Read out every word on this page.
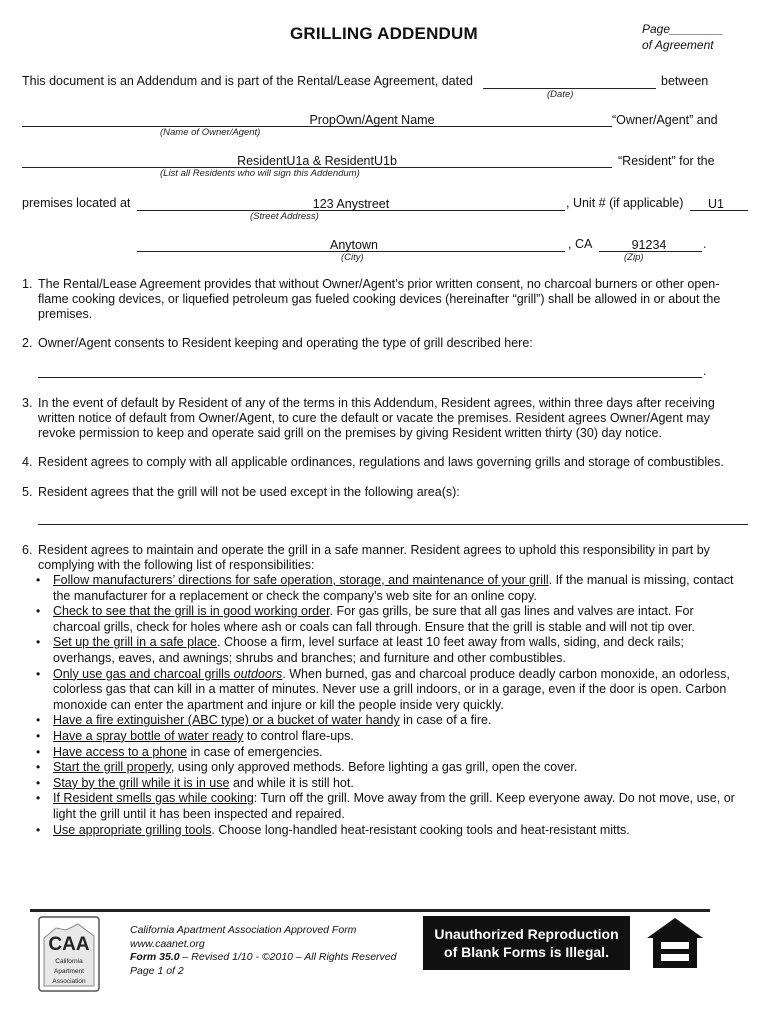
GRILLING ADDENDUM	Page________
of Agreement
This document is an Addendum and is part of the Rental/Lease Agreement, dated	between
(Date)
PropOwn/Agent Name	“Owner/Agent” and
(Name of Owner/Agent)
ResidentU1a & ResidentU1b	“Resident” for the
(List all Residents who will sign this Addendum)
premises located at	123 Anystreet	, Unit # (if applicable)	U1
(Street Address)
Anytown	, CA	91234	.
(City)	(Zip)
1. The Rental/Lease Agreement provides that without Owner/Agent’s prior written consent, no charcoal burners or other open-
flame cooking devices, or liquefied petroleum gas fueled cooking devices (hereinafter “grill”) shall be allowed in or about the
premises.
2. Owner/Agent consents to Resident keeping and operating the type of grill described here:
.
3. In the event of default by Resident of any of the terms in this Addendum, Resident agrees, within three days after receiving
written notice of default from Owner/Agent, to cure the default or vacate the premises. Resident agrees Owner/Agent may
revoke permission to keep and operate said grill on the premises by giving Resident written thirty (30) day notice.
4. Resident agrees to comply with all applicable ordinances, regulations and laws governing grills and storage of combustibles.
5. Resident agrees that the grill will not be used except in the following area(s):
6. Resident agrees to maintain and operate the grill in a safe manner. Resident agrees to uphold this responsibility in part by
complying with the following list of responsibilities:
• Follow manufacturers’ directions for safe operation, storage, and maintenance of your grill. If the manual is missing, contact
the manufacturer for a replacement or check the company’s web site for an online copy.
• Check to see that the grill is in good working order. For gas grills, be sure that all gas lines and valves are intact. For
charcoal grills, check for holes where ash or coals can fall through. Ensure that the grill is stable and will not tip over.
• Set up the grill in a safe place. Choose a firm, level surface at least 10 feet away from walls, siding, and deck rails;
overhangs, eaves, and awnings; shrubs and branches; and furniture and other combustibles.
• Only use gas and charcoal grills outdoors. When burned, gas and charcoal produce deadly carbon monoxide, an odorless,
colorless gas that can kill in a matter of minutes. Never use a grill indoors, or in a garage, even if the door is open. Carbon
monoxide can enter the apartment and injure or kill the people inside very quickly.
• Have a fire extinguisher (ABC type) or a bucket of water handy in case of a fire.
• Have a spray bottle of water ready to control flare-ups.
• Have access to a phone in case of emergencies.
• Start the grill properly, using only approved methods. Before lighting a gas grill, open the cover.
• Stay by the grill while it is in use and while it is still hot.
• If Resident smells gas while cooking: Turn off the grill. Move away from the grill. Keep everyone away. Do not move, use, or
light the grill until it has been inspected and repaired.
• Use appropriate grilling tools. Choose long-handled heat-resistant cooking tools and heat-resistant mitts.
CAA
California
Apartment
Association
California Apartment Association Approved Form
www.caanet.org
Form 35.0 – Revised 1/10 - ©2010 – All Rights Reserved
Page 1 of 2
Unauthorized Reproduction
of Blank Forms is Illegal.
